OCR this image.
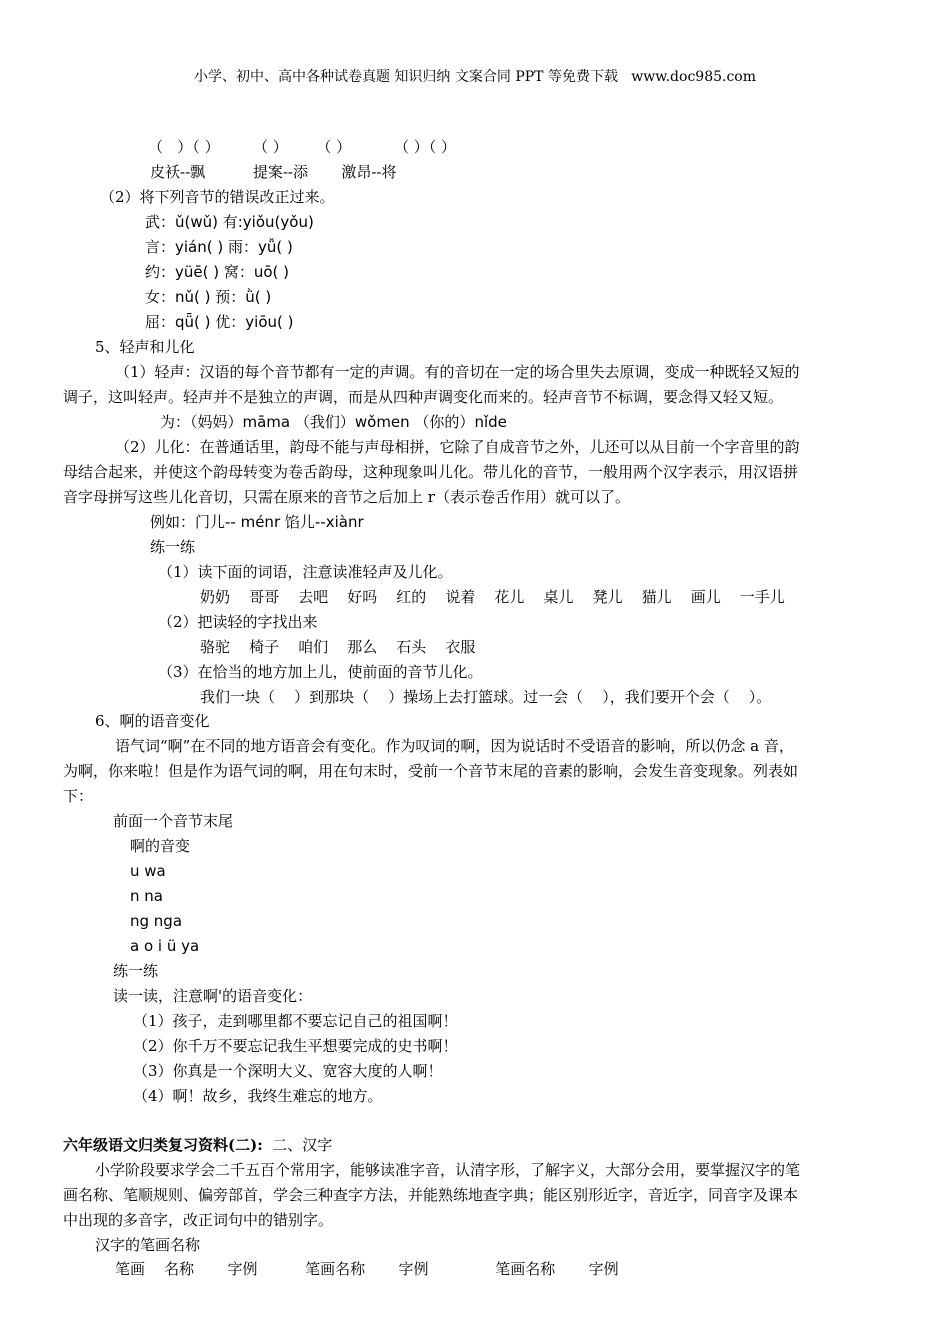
小学、初中、高中各种试卷真题 知识归纳 文案合同 PPT 等免费下载   www.doc985.com
（   ）（ ）       （ ）      （ ）         （ ）（ ）
皮袄--飘          提案--添       激昂--将
（2）将下列音节的错误改正过来。
武：ǔ(wǔ) 有:yiǒu(yǒu)
言：yián( ) 雨：yǚ( )
约：yüē( ) 窝：uō( )
女：nǔ( ) 预：ǜ( )
屈：qǖ( ) 优：yiōu( )
5、轻声和儿化
（1）轻声：汉语的每个音节都有一定的声调。有的音切在一定的场合里失去原调，变成一种既轻又短的
调子，这叫轻声。轻声并不是独立的声调，而是从四种声调变化而来的。轻声音节不标调，要念得又轻又短。
为：（妈妈）māma （我们）wǒmen （你的）nǐde
（2）儿化：在普通话里，韵母不能与声母相拼，它除了自成音节之外，儿还可以从目前一个字音里的韵
母结合起来，并使这个韵母转变为卷舌韵母，这种现象叫儿化。带儿化的音节，一般用两个汉字表示，用汉语拼
音字母拼写这些儿化音切，只需在原来的音节之后加上 r（表示卷舌作用）就可以了。
例如：门儿-- ménr 馅儿--xiànr
练一练
（1）读下面的词语，注意读准轻声及儿化。
奶奶    哥哥    去吧    好吗    红的    说着    花儿    桌儿    凳儿    猫儿    画儿    一手儿
（2）把读轻的字找出来
骆驼    椅子    咱们    那么    石头    衣服
（3）在恰当的地方加上儿，使前面的音节儿化。
我们一块（    ）到那块（    ）操场上去打篮球。过一会（    ），我们要开个会（    ）。
6、啊的语音变化
语气词“啊”在不同的地方语音会有变化。作为叹词的啊，因为说话时不受语音的影响，所以仍念 a 音，
为啊，你来啦！但是作为语气词的啊，用在句末时，受前一个音节末尾的音素的影响，会发生音变现象。列表如
下：
前面一个音节末尾
啊的音变
u wa
n na
ng nga
a o i ü ya
练一练
读一读，注意啊'的语音变化：
（1）孩子，走到哪里都不要忘记自己的祖国啊！
（2）你千万不要忘记我生平想要完成的史书啊！
（3）你真是一个深明大义、宽容大度的人啊！
（4）啊！故乡，我终生难忘的地方。
六年级语文归类复习资料(二):  二、汉字
小学阶段要求学会二千五百个常用字，能够读准字音，认清字形，了解字义，大部分会用，要掌握汉字的笔
画名称、笔顺规则、偏旁部首，学会三种查字方法，并能熟练地查字典；能区别形近字，音近字，同音字及课本
中出现的多音字，改正词句中的错别字。
汉字的笔画名称
笔画    名称       字例          笔画名称       字例              笔画名称       字例
